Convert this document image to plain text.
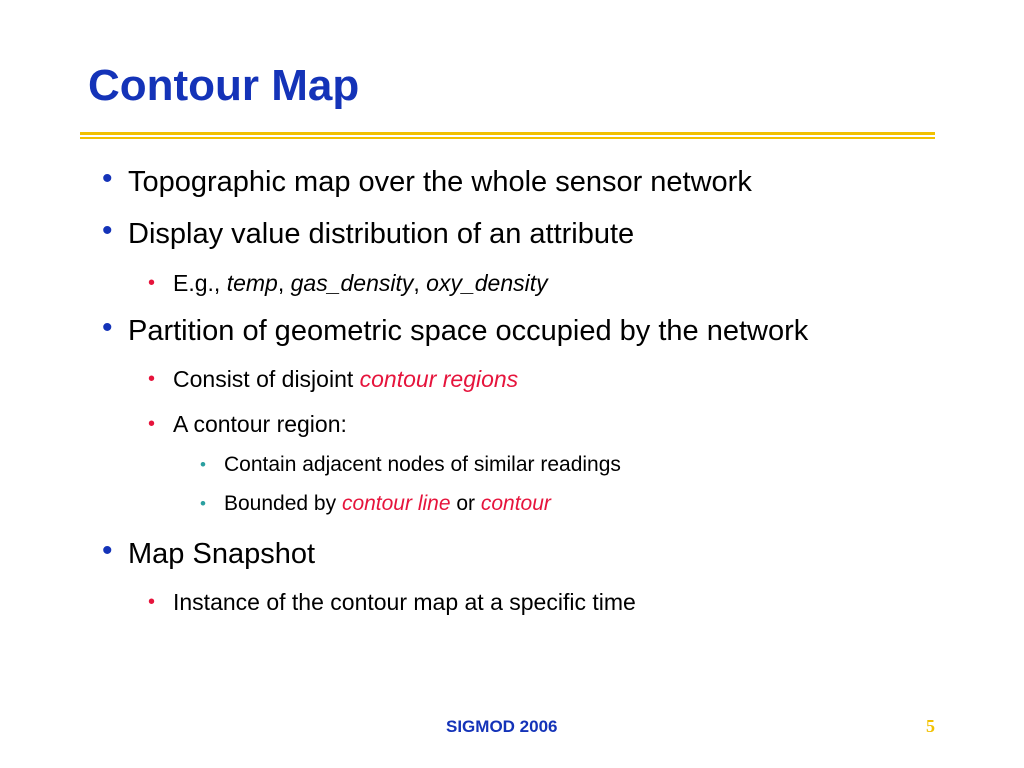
Contour Map
• Topographic map over the whole sensor network
• Display value distribution of an attribute
• E.g., temp, gas_density, oxy_density
• Partition of geometric space occupied by the network
• Consist of disjoint contour regions
• A contour region:
• Contain adjacent nodes of similar readings
• Bounded by contour line or contour
• Map Snapshot
• Instance of the contour map at a specific time
SIGMOD 2006	5
